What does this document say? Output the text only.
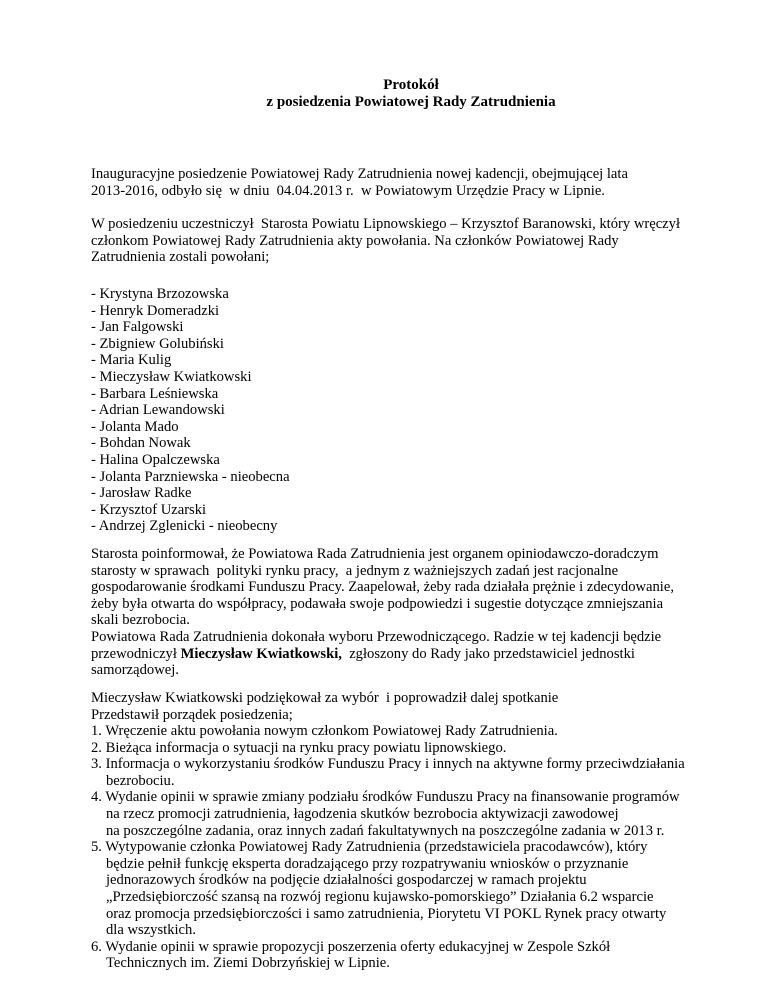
Protokół
z posiedzenia Powiatowej Rady Zatrudnienia
Inauguracyjne posiedzenie Powiatowej Rady Zatrudnienia nowej kadencji, obejmującej lata
2013-2016, odbyło się  w dniu  04.04.2013 r.  w Powiatowym Urzędzie Pracy w Lipnie.
W posiedzeniu uczestniczył  Starosta Powiatu Lipnowskiego – Krzysztof Baranowski, który wręczył
członkom Powiatowej Rady Zatrudnienia akty powołania. Na członków Powiatowej Rady
Zatrudnienia zostali powołani;
- Krystyna Brzozowska
- Henryk Domeradzki
- Jan Falgowski
- Zbigniew Golubiński
- Maria Kulig
- Mieczysław Kwiatkowski
- Barbara Leśniewska
- Adrian Lewandowski
- Jolanta Mado
- Bohdan Nowak
- Halina Opalczewska
- Jolanta Parzniewska - nieobecna
- Jarosław Radke
- Krzysztof Uzarski
- Andrzej Zglenicki - nieobecny
Starosta poinformował, że Powiatowa Rada Zatrudnienia jest organem opiniodawczo-doradczym
starosty w sprawach  polityki rynku pracy,  a jednym z ważniejszych zadań jest racjonalne
gospodarowanie środkami Funduszu Pracy. Zaapelował, żeby rada działała prężnie i zdecydowanie,
żeby była otwarta do współpracy, podawała swoje podpowiedzi i sugestie dotyczące zmniejszania
skali bezrobocia.
Powiatowa Rada Zatrudnienia dokonała wyboru Przewodniczącego. Radzie w tej kadencji będzie
przewodniczył Mieczysław Kwiatkowski,  zgłoszony do Rady jako przedstawiciel jednostki
samorządowej.
Mieczysław Kwiatkowski podziękował za wybór  i poprowadził dalej spotkanie
Przedstawił porządek posiedzenia;
1. Wręczenie aktu powołania nowym członkom Powiatowej Rady Zatrudnienia.
2. Bieżąca informacja o sytuacji na rynku pracy powiatu lipnowskiego.
3. Informacja o wykorzystaniu środków Funduszu Pracy i innych na aktywne formy przeciwdziałania
bezrobociu.
4. Wydanie opinii w sprawie zmiany podziału środków Funduszu Pracy na finansowanie programów
na rzecz promocji zatrudnienia, łagodzenia skutków bezrobocia aktywizacji zawodowej
na poszczególne zadania, oraz innych zadań fakultatywnych na poszczególne zadania w 2013 r.
5. Wytypowanie członka Powiatowej Rady Zatrudnienia (przedstawiciela pracodawców), który
będzie pełnił funkcję eksperta doradzającego przy rozpatrywaniu wniosków o przyznanie
jednorazowych środków na podjęcie działalności gospodarczej w ramach projektu
„Przedsiębiorczość szansą na rozwój regionu kujawsko-pomorskiego” Działania 6.2 wsparcie
oraz promocja przedsiębiorczości i samo zatrudnienia, Piorytetu VI POKL Rynek pracy otwarty
dla wszystkich.
6. Wydanie opinii w sprawie propozycji poszerzenia oferty edukacyjnej w Zespole Szkół
Technicznych im. Ziemi Dobrzyńskiej w Lipnie.
